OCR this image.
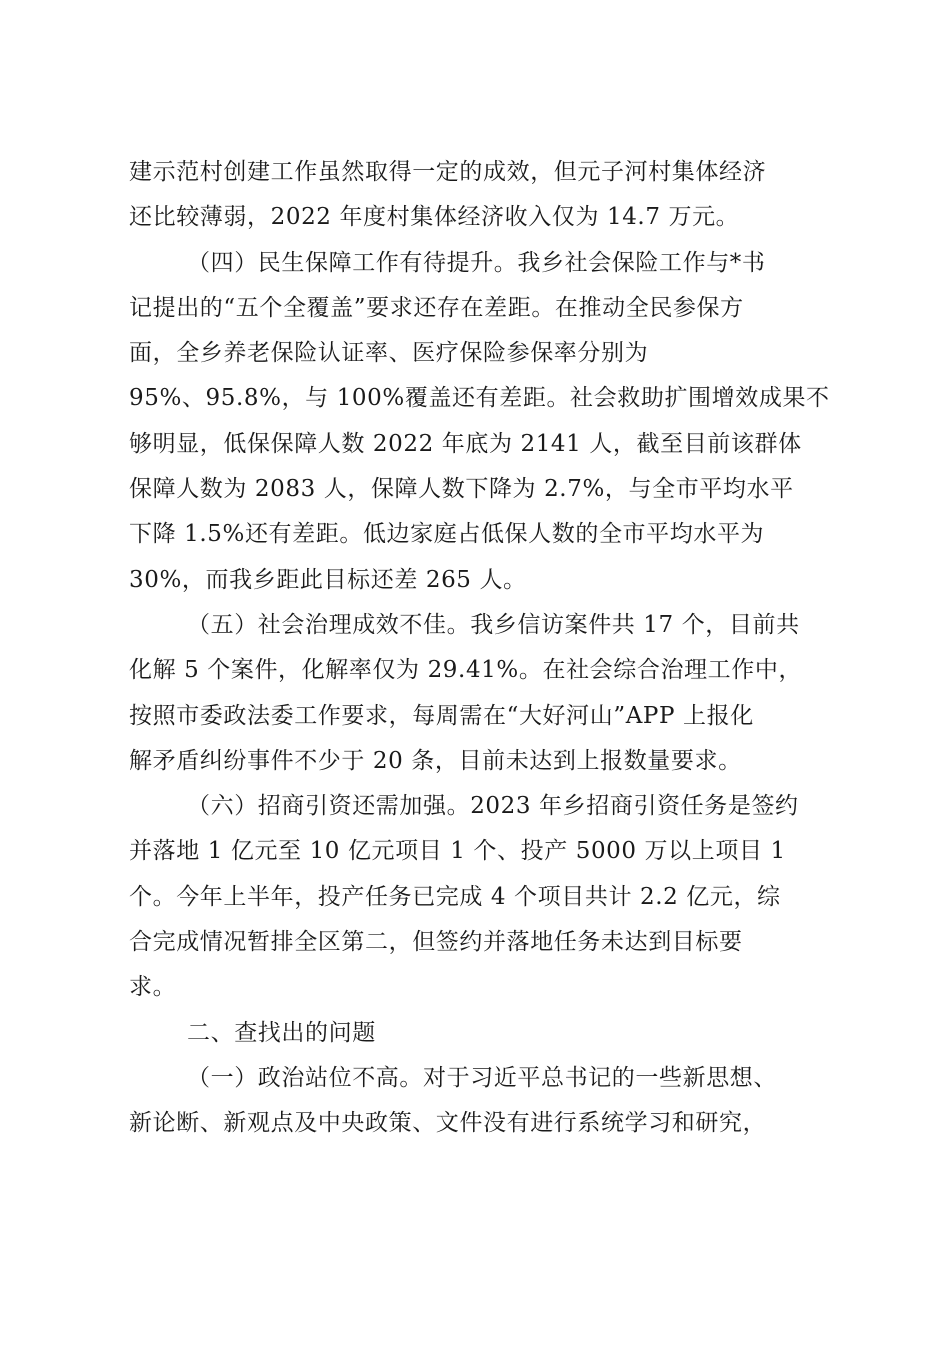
建示范村创建工作虽然取得一定的成效，但元子河村集体经济
还比较薄弱，2022 年度村集体经济收入仅为 14.7 万元。
（四）民生保障工作有待提升。我乡社会保险工作与*书
记提出的“五个全覆盖”要求还存在差距。在推动全民参保方
面，全乡养老保险认证率、医疗保险参保率分别为
95%、95.8%，与 100%覆盖还有差距。社会救助扩围增效成果不
够明显，低保保障人数 2022 年底为 2141 人，截至目前该群体
保障人数为 2083 人，保障人数下降为 2.7%，与全市平均水平
下降 1.5%还有差距。低边家庭占低保人数的全市平均水平为
30%，而我乡距此目标还差 265 人。
（五）社会治理成效不佳。我乡信访案件共 17 个，目前共
化解 5 个案件，化解率仅为 29.41%。在社会综合治理工作中，
按照市委政法委工作要求，每周需在“大好河山”APP 上报化
解矛盾纠纷事件不少于 20 条，目前未达到上报数量要求。
（六）招商引资还需加强。2023 年乡招商引资任务是签约
并落地 1 亿元至 10 亿元项目 1 个、投产 5000 万以上项目 1
个。今年上半年，投产任务已完成 4 个项目共计 2.2 亿元，综
合完成情况暂排全区第二，但签约并落地任务未达到目标要
求。
二、查找出的问题
（一）政治站位不高。对于习近平总书记的一些新思想、
新论断、新观点及中央政策、文件没有进行系统学习和研究，
